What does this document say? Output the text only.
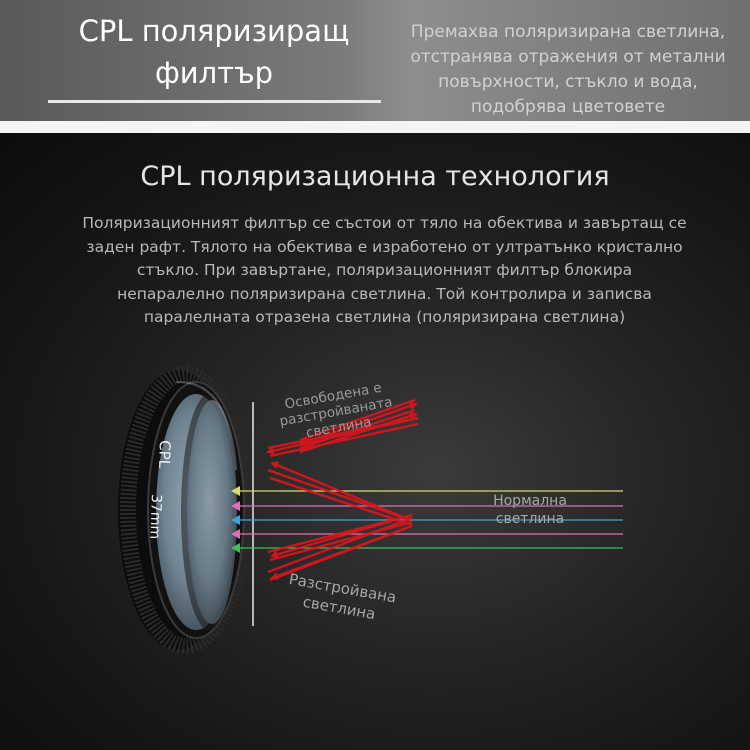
CPL поляризиращ филтър
Премахва поляризирана светлина, отстранява отражения от метални повърхности, стъкло и вода, подобрява цветовете
CPL поляризационна технология
Поляризационният филтър се състои от тяло на обектива и завъртащ се заден рафт. Тялото на обектива е изработено от ултратънко кристално стъкло. При завъртане, поляризационният филтър блокира непаралелно поляризирана светлина. Той контролира и записва паралелната отразена светлина (поляризирана светлина)
CPL
37mm
Освободена е разстройваната светлина
Нормална светлина
Разстройвана светлина
